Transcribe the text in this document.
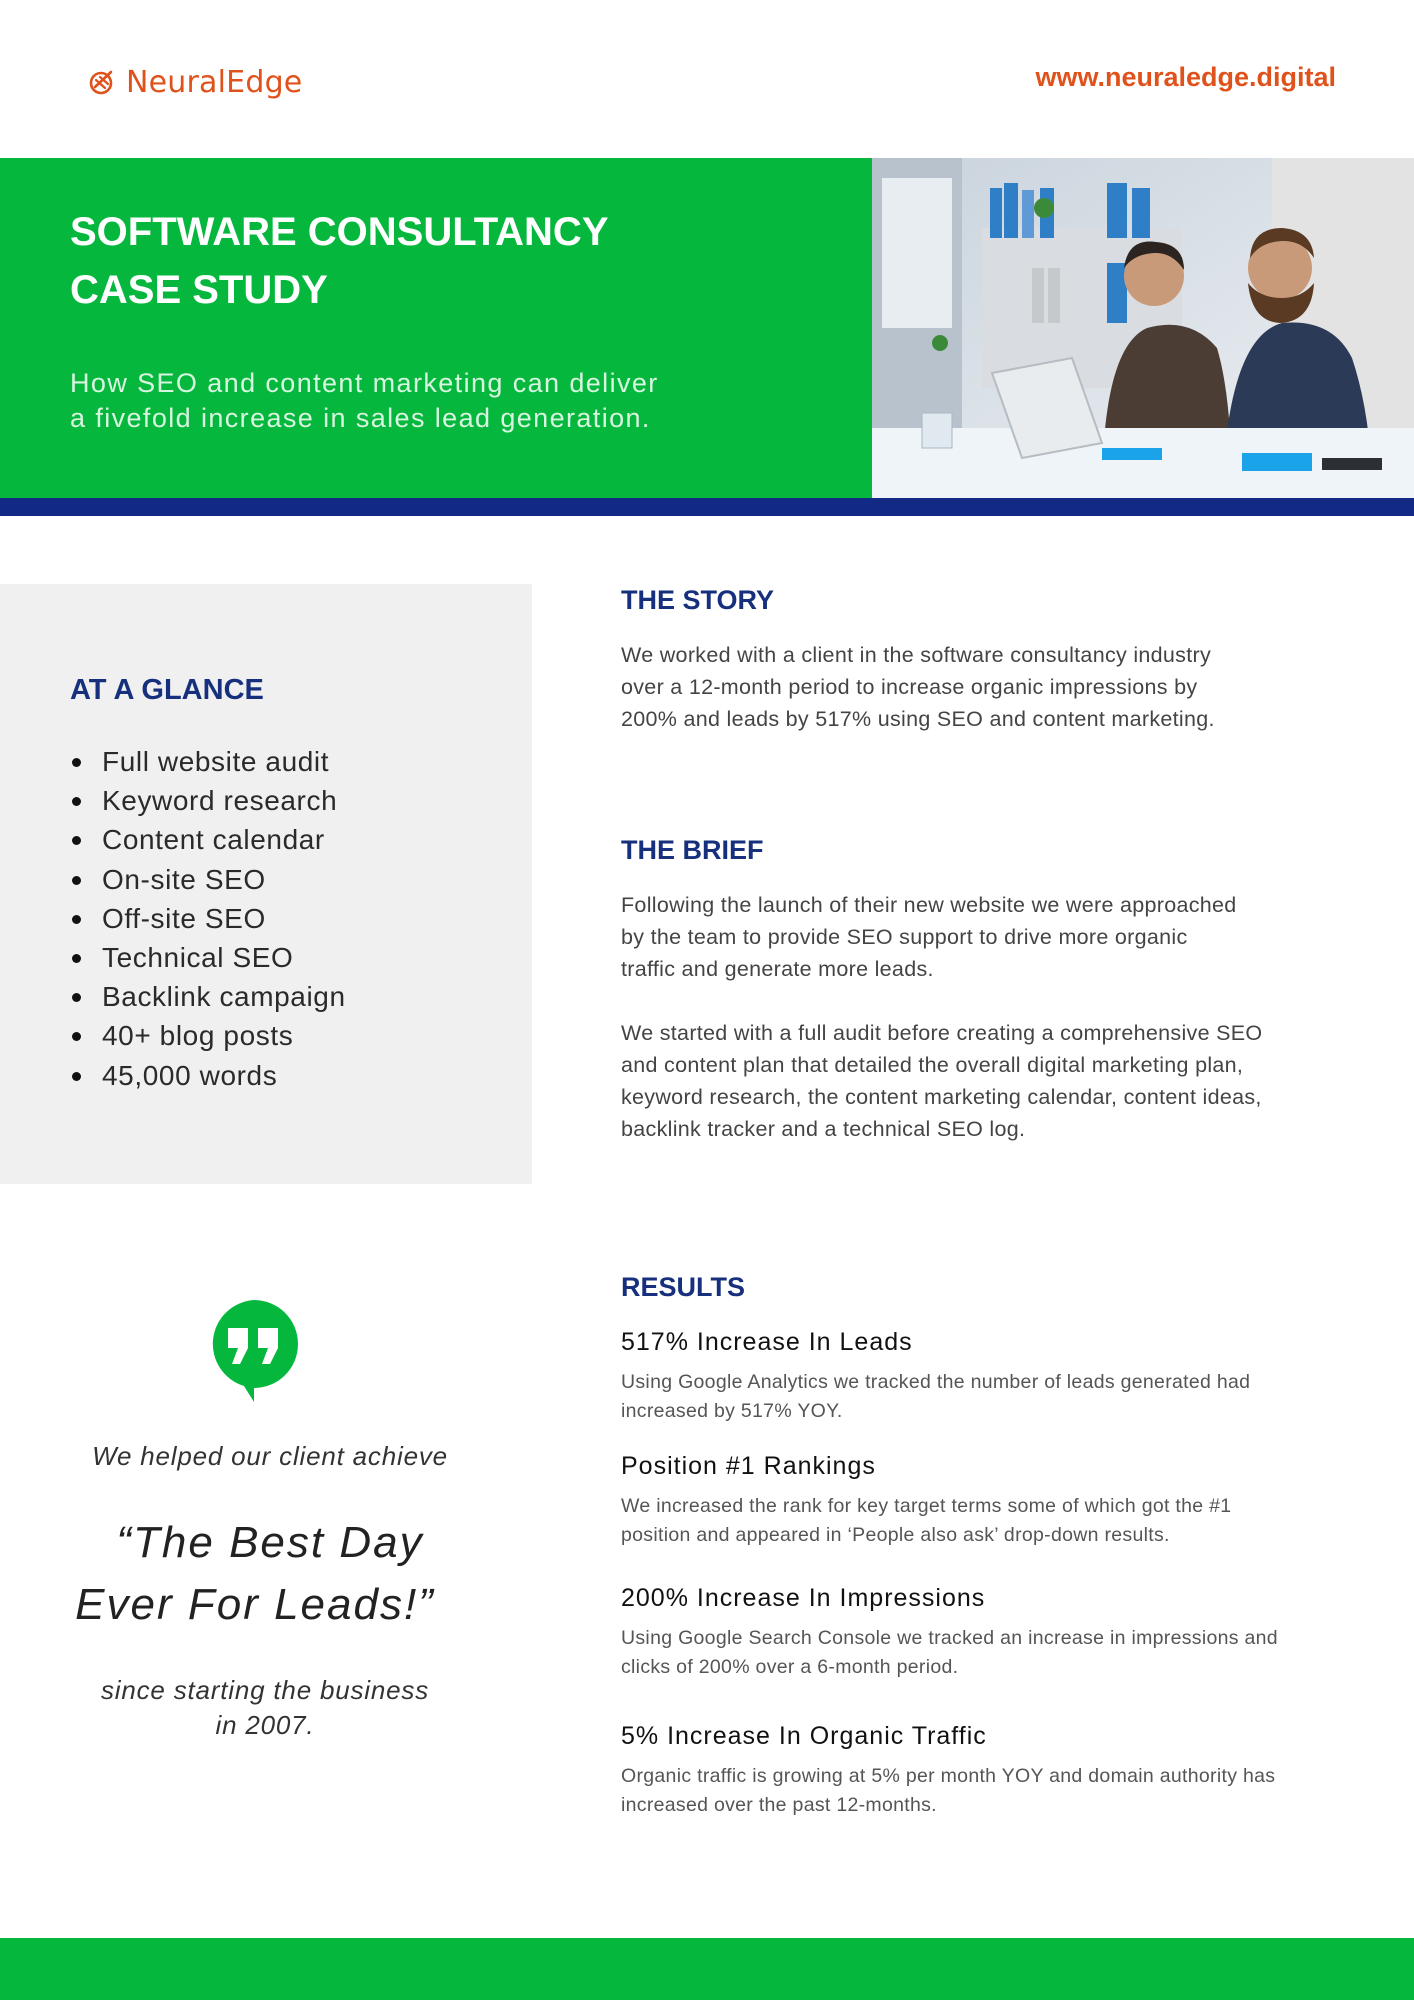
NeuralEdge	www.neuraledge.digital
SOFTWARE CONSULTANCY
CASE STUDY
How SEO and content marketing can deliver
a fivefold increase in sales lead generation.
AT A GLANCE
Full website audit
Keyword research
Content calendar
On-site SEO
Off-site SEO
Technical SEO
Backlink campaign
40+ blog posts
45,000 words
THE STORY
We worked with a client in the software consultancy industry over a 12-month period to increase organic impressions by 200% and leads by 517% using SEO and content marketing.
THE BRIEF
Following the launch of their new website we were approached by the team to provide SEO support to drive more organic traffic and generate more leads.
We started with a full audit before creating a comprehensive SEO and content plan that detailed the overall digital marketing plan, keyword research, the content marketing calendar, content ideas, backlink tracker and a technical SEO log.
RESULTS
517% Increase In Leads
Using Google Analytics we tracked the number of leads generated had increased by 517% YOY.
Position #1 Rankings
We increased the rank for key target terms some of which got the #1 position and appeared in ‘People also ask’ drop-down results.
200% Increase In Impressions
Using Google Search Console we tracked an increase in impressions and clicks of 200% over a 6-month period.
5% Increase In Organic Traffic
Organic traffic is growing at 5% per month YOY and domain authority has increased over the past 12-months.
We helped our client achieve
“The Best Day
Ever For Leads!”
since starting the business
in 2007.
